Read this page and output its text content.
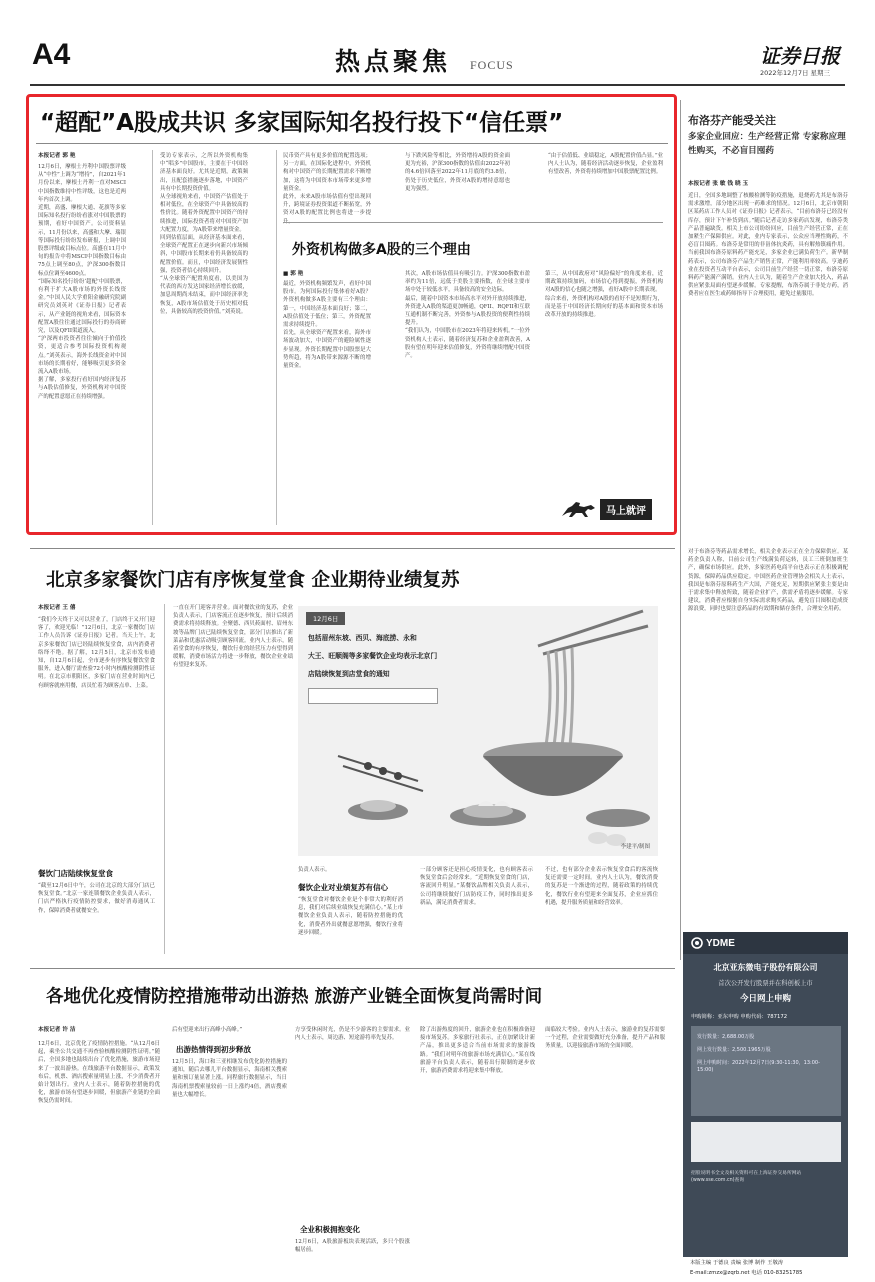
A4	热点聚焦 FOCUS	证券日报
2022年12月7日 星期三
“超配”A股成共识 多家国际知名投行投下“信任票”
本报记者 郭 艳

12月6日，摩根士丹利中国股票评级从“中性”上调为“增持”，自2021年1月份以来，摩根士丹利一直对MSCI中国指数维持中性评级，这也是近两年内首次上调。

近期，高盛、摩根大通、花旗等多家国际知名投行纷纷看涨对中国股票的预期，看好中国资产。公司资料显示，11月份以来，高盛和大摩、瑞银等国际投行纷纷发布研报，上调中国股票评级或目标点位。高盛在11月中旬的报告中将MSCI中国指数目标由75点上调至80点，沪深300指数目标点位调至4600点。

“国际知名投行纷纷‘超配’中国股票，有利于扩大A股市场的外资长线资金。”中国人民大学重阳金融研究院副研究员刘英对《证券日报》记者表示，从产业链的视角来看，国际资本配置A股往往通过国际投行的券商研究，以及QFII渠道流入。

“沪深两市投资者往往倾向于价值投资，更适合参考国际投资机构观点。”刘英表示，海外长线资金对中国市场的长期看好，能够吸引更多资金流入A股市场。

据了解，多家投行看好国内经济复苏与A股估值修复，外资机构对中国资产的配置意愿正在持续增强。

受访专家表示，之所以外资机构集中“唱多”中国股市，主要在于中国经济基本面良好。尤其是近期，政策频出，且配套措施逐步落地，中国资产具有中长期投资价值。

从全球视角来看，中国资产估值处于相对低位，在全球资产中具备较高的性价比。随着外资配置中国资产的持续推进，国际投资者将对中国资产加大配置力度，为A股带来增量资金。

回到估值层面，从经济基本面来看，全球资产配置正在逐步向新兴市场倾斜，中国股市长期来看仍具备较高的配置价值。而且，中国经济发展韧性强，投资者信心持续回升。

“从全球资产配置角度看，以美国为代表的西方发达国家经济增长放缓，加息周期尚未结束，而中国经济率先恢复，A股市场估值处于历史相对低位，具备较高的投资价值。”刘英说。

民币资产具有更多价值的配置选项；另一方面，在国际化进程中，外资机构对中国资产的长期配置需求不断增加，这将为中国资本市场带来更多增量资金。

此外，未来A股市场估值有望出现回升，跨境证券投资渠道不断拓宽，外资对A股的配置比例也将进一步提

与下跌风险等相比，外资增持A股的资金面更为充裕，沪深300指数的估值由2022年初的4.6倍回落至2022年11月底的约3.8倍，仍处于历史低位，外资对A股的增持意愿也更为强烈。

“由于估值低、业绩稳定，A股配置价值凸显。”业内人士认为，随着经济活动逐步恢复，企业盈利有望改善，外资将持续增加中国股票配置比例。

外资机构做多A股的三个理由
■ 郭 艳

最近，外资机构频繁发声，看好中国股市。为何国际投行集体看好A股？外资机构做多A股主要有三个理由：第一，中国经济基本面良好；第二，A股估值处于低位；第三，外资配置需求持续提升。

首先，从全球资产配置来看，海外市场波动加大，中国资产的避险属性逐步显现。外资长期配置中国股票是大势所趋，将为A股带来源源不断的增量资金。

其次，A股市场估值具有吸引力。沪深300指数市盈率约为11倍，远低于美股主要指数，在全球主要市场中处于较低水平，具备较高的安全边际。

最后，随着中国资本市场高水平对外开放持续推进，外资进入A股的渠道更加畅通，QFII、RQFII和互联互通机制不断完善，外资参与A股投资的便利性持续提升。

“我们认为，中国股市在2023年将迎来转机。”一位外资机构人士表示，随着经济复苏和企业盈利改善，A股有望在明年迎来估值修复，外资将继续增配中国资产。

第三，从中国政府对“风险偏好”的角度来看，近期政策持续加码，市场信心得到提振，外资机构对A股的信心也随之增强，看好A股中长期表现。

综合来看，外资机构对A股的看好不是短期行为，而是基于中国经济长期向好的基本面和资本市场改革开放的持续推进。

马上就评
布洛芬产能受关注
多家企业回应：生产经营正常 专家称应理性购买，不必盲目囤药
本报记者 张 敏 钱 晓 玉
近日，全国多地调整了核酸检测等防疫措施，退烧药尤其是布洛芬需求激增，部分地区出现一药难求的情况。12月6日，北京市朝阳区某药店工作人员对《证券日报》记者表示，“目前布洛芬已经没有库存，预计下午补货到店。”随后记者走访多家药店发现，布洛芬类产品普遍缺货。相关上市公司纷纷回应，目前生产经营正常，正在加紧生产保障供应。对此，业内专家表示，公众应当理性购药，不必盲目囤药。布洛芬是常用的非甾体抗炎药，具有解热镇痛作用。当前我国布洛芬原料药产能充足，多家企业已满负荷生产。新华制药表示，公司布洛芬产品生产销售正常，产能利用率较高。亨迪药业在投资者互动平台表示，公司目前生产经营一切正常，布洛芬原料药产能满产满销。业内人士认为，随着生产企业加大投入，药品供应紧张局面有望逐步缓解。专家提醒，布洛芬属于非处方药，消费者应在医生或药师指导下合理使用，避免过量服用。
北京多家餐饮门店有序恢复堂食 企业期待业绩复苏
本报记者 王 僖

“我们今天终于又可以营业了，门店终于又开门迎客了，欢迎光临！”12月6日，北京一家餐饮门店工作人员告诉《证券日报》记者。当天上午，北京多家餐饮门店已经陆续恢复堂食，店内消费者络绎不绝。据了解，12月5日，北京市发布通知，自12月6日起，全市逐步有序恢复餐饮堂食服务，进入餐厅需查验72小时内核酸检测阴性证明。在北京市朝阳区，多家门店在营业时间内已有顾客就座用餐，店员忙着为顾客点单、上菜。

餐饮门店陆续恢复堂食
“截至12月6日中午，公司在北京的大部分门店已恢复堂食。”北京一家连锁餐饮企业负责人表示，门店严格执行疫情防控要求，做好消毒通风工作，保障消费者就餐安全。

一直在开门迎客并营业。面对餐饮业的复苏，企业负责人表示，门店客流正在逐步恢复，预计后续消费需求将持续释放。全聚德、西贝莜面村、眉州东坡等品牌门店已陆续恢复堂食，部分门店推出了新菜品和优惠活动吸引顾客回流。业内人士表示，随着堂食的有序恢复，餐饮行业的经营压力有望得到缓解，消费市场活力将进一步释放，餐饮企业业绩有望迎来复苏。

12月6日
包括眉州东坡、西贝、海底捞、永和
大王、旺顺阁等多家餐饮企业均表示北京门
店陆续恢复到店堂食的通知
李建平/制图
负责人表示。
餐饮企业对业绩复苏有信心
“恢复堂食对餐饮企业是个非常大的利好消息，我们对后续业绩恢复充满信心。”某上市餐饮企业负责人表示，随着防控措施的优化，消费者外出就餐意愿增强，餐饮行业将逐步回暖。
一部分顾客还是担心疫情变化，也有顾客表示恢复堂食后会经常来。“近期恢复堂食的门店，客流回升明显。”某餐饮品牌相关负责人表示，公司将继续做好门店防疫工作，同时推出更多新品，满足消费者需求。
不过，也有部分企业表示恢复堂食后的客流恢复还需要一定时间。业内人士认为，餐饮消费的复苏是一个渐进的过程，随着政策的持续优化，餐饮行业有望迎来全面复苏，企业应抓住机遇，提升服务质量和经营效率。
对于布洛芬等药品需求增长，相关企业表示正在全力保障供应。某药企负责人称，目前公司生产线满负荷运转，员工三班倒加班生产，确保市场供应。此外，多家医药电商平台也表示正在积极调配货源，保障药品供应稳定。中国医药企业管理协会相关人士表示，我国是布洛芬原料药生产大国，产能充足，短期供应紧张主要是由于需求集中释放所致，随着企业扩产，供需矛盾将逐步缓解。专家建议，消费者应根据自身实际需求购买药品，避免盲目囤积造成资源浪费，同时也要注意药品的有效期和储存条件，合理安全用药。
各地优化疫情防控措施带动出游热 旅游产业链全面恢复尚需时间
本报记者 许 洁
12月6日，北京优化了疫情防控措施。“从12月6日起，乘坐公共交通不再查验核酸检测阴性证明。”随后，全国多地也陆续出台了优化措施，旅游市场迎来了一波出游热。在线旅游平台数据显示，政策发布后，机票、酒店搜索量明显上涨，不少消费者开始计划出行。业内人士表示，随着防控措施的优化，旅游市场有望逐步回暖，但旅游产业链的全面恢复仍需时间。
后有望迎来出行高峰小高峰。”
出游热情得到初步释放
12月5日，海口和三亚相继发布优化防控措施的通知，随后去哪儿平台数据显示，海南相关搜索量和预订量显著上涨。同程旅行数据显示，当日海南机票搜索量较前一日上涨约4倍，酒店搜索量也大幅增长。
方享受休闲时光，仍是不少游客的主要需求。业内人士表示，周边游、短途游将率先复苏。
全业积极拥抱变化
12月6日，A股旅游板块表现活跃，多只个股涨幅居前。
除了出游热度的回升，旅游企业也在积极准备迎接市场复苏。多家旅行社表示，正在加紧设计新产品，推出更多适合当前市场需求的旅游线路。“我们对明年的旅游市场充满信心。”某在线旅游平台负责人表示，随着出行限制的逐步放开，旅游消费需求将迎来集中释放。
面临较大考验。业内人士表示，旅游业的复苏需要一个过程，企业需要做好充分准备，提升产品和服务质量，以迎接旅游市场的全面回暖。
YDME
北京亚东微电子股份有限公司
首次公开发行股票并在科创板上市
今日网上申购
申购简称：亚东申购 申购代码：787172
发行数量：2,688.00万股
网上发行数量：2,500.1965万股
网上申购时间：2022年12月7日(9:30-11:30，13:00-15:00)
招股说明书全文及相关资料可在上海证券交易所网站(www.sse.com.cn)查询
本版主编 于德良 责编 张博 制作 王敬涛
E-mail:zmzx@zqrb.net 电话 010-83251785
